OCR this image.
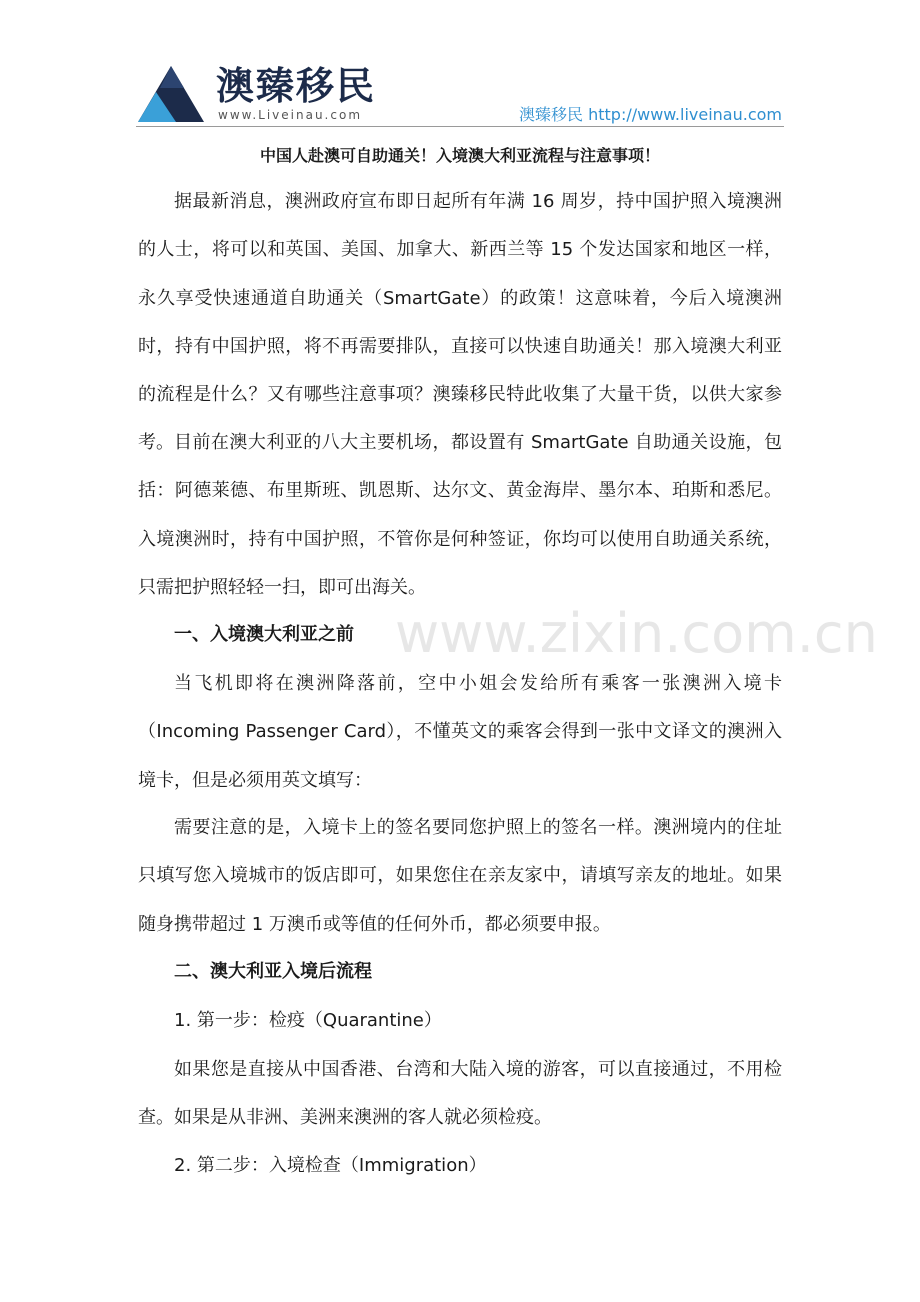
澳臻移民
www.Liveinau.com	澳臻移民 http://www.liveinau.com
中国人赴澳可自助通关！入境澳大利亚流程与注意事项！

据最新消息，澳洲政府宣布即日起所有年满 16 周岁，持中国护照入境澳洲的人士，将可以和英国、美国、加拿大、新西兰等 15 个发达国家和地区一样，永久享受快速通道自助通关（SmartGate）的政策！这意味着，今后入境澳洲时，持有中国护照，将不再需要排队，直接可以快速自助通关！那入境澳大利亚的流程是什么？又有哪些注意事项？澳臻移民特此收集了大量干货，以供大家参考。 目前在澳大利亚的八大主要机场，都设置有 SmartGate 自助通关设施，包括：阿德莱德、布里斯班、凯恩斯、达尔文、黄金海岸、墨尔本、珀斯和悉尼。入境澳洲时，持有中国护照，不管你是何种签证，你均可以使用自助通关系统，只需把护照轻轻一扫，即可出海关。

www.zixin.com.cn

一、入境澳大利亚之前

当飞机即将在澳洲降落前，空中小姐会发给所有乘客一张澳洲入境卡（Incoming Passenger Card），不懂英文的乘客会得到一张中文译文的澳洲入境卡，但是必须用英文填写：

需要注意的是，入境卡上的签名要同您护照上的签名一样。澳洲境内的住址只填写您入境城市的饭店即可，如果您住在亲友家中，请填写亲友的地址。如果随身携带超过 1 万澳币或等值的任何外币，都必须要申报。

二、澳大利亚入境后流程

1. 第一步：检疫（Quarantine）

如果您是直接从中国香港、台湾和大陆入境的游客，可以直接通过，不用检查。如果是从非洲、美洲来澳洲的客人就必须检疫。

2. 第二步：入境检查（Immigration）
